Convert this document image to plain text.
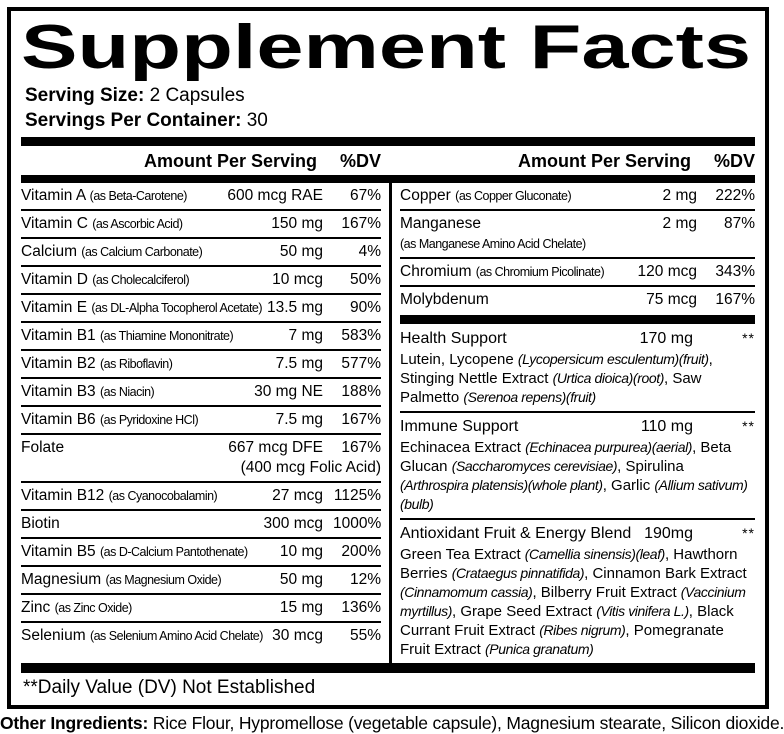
Supplement Facts
Serving Size: 2 Capsules
Servings Per Container: 30
Amount Per Serving	%DV	Amount Per Serving	%DV
Vitamin A (as Beta-Carotene)	600 mcg RAE	67%
Vitamin C (as Ascorbic Acid)	150 mg	167%
Calcium (as Calcium Carbonate)	50 mg	4%
Vitamin D (as Cholecalciferol)	10 mcg	50%
Vitamin E (as DL-Alpha Tocopherol Acetate) 13.5 mg	90%
Vitamin B1 (as Thiamine Mononitrate)	7 mg	583%
Vitamin B2 (as Riboflavin)	7.5 mg	577%
Vitamin B3 (as Niacin)	30 mg NE	188%
Vitamin B6 (as Pyridoxine HCl)	7.5 mg	167%
Folate	667 mcg DFE	167%
(400 mcg Folic Acid)
Vitamin B12 (as Cyanocobalamin)	27 mcg 1125%
Biotin	300 mcg 1000%
Vitamin B5 (as D-Calcium Pantothenate)	10 mg	200%
Magnesium (as Magnesium Oxide)	50 mg	12%
Zinc (as Zinc Oxide)	15 mg	136%
Selenium (as Selenium Amino Acid Chelate) 30 mcg	55%
Copper (as Copper Gluconate)	2 mg	222%
Manganese
(as Manganese Amino Acid Chelate)
2 mg	87%
Chromium (as Chromium Picolinate)	120 mcg	343%
Molybdenum	75 mcg	167%
Health Support	170 mg	**
Lutein, Lycopene (Lycopersicum esculentum)(fruit), Stinging Nettle Extract (Urtica dioica)(root), Saw Palmetto (Serenoa repens)(fruit)
Immune Support	110 mg	**
Echinacea Extract (Echinacea purpurea)(aerial), Beta Glucan (Saccharomyces cerevisiae), Spirulina (Arthrospira platensis)(whole plant), Garlic (Allium sativum)(bulb)
Antioxidant Fruit & Energy Blend 190mg	**
Green Tea Extract (Camellia sinensis)(leaf), Hawthorn Berries (Crataegus pinnatifida), Cinnamon Bark Extract (Cinnamomum cassia), Bilberry Fruit Extract (Vaccinium myrtillus), Grape Seed Extract (Vitis vinifera L.), Black Currant Fruit Extract (Ribes nigrum), Pomegranate Fruit Extract (Punica granatum)
**Daily Value (DV) Not Established
Other Ingredients: Rice Flour, Hypromellose (vegetable capsule), Magnesium stearate, Silicon dioxide.
